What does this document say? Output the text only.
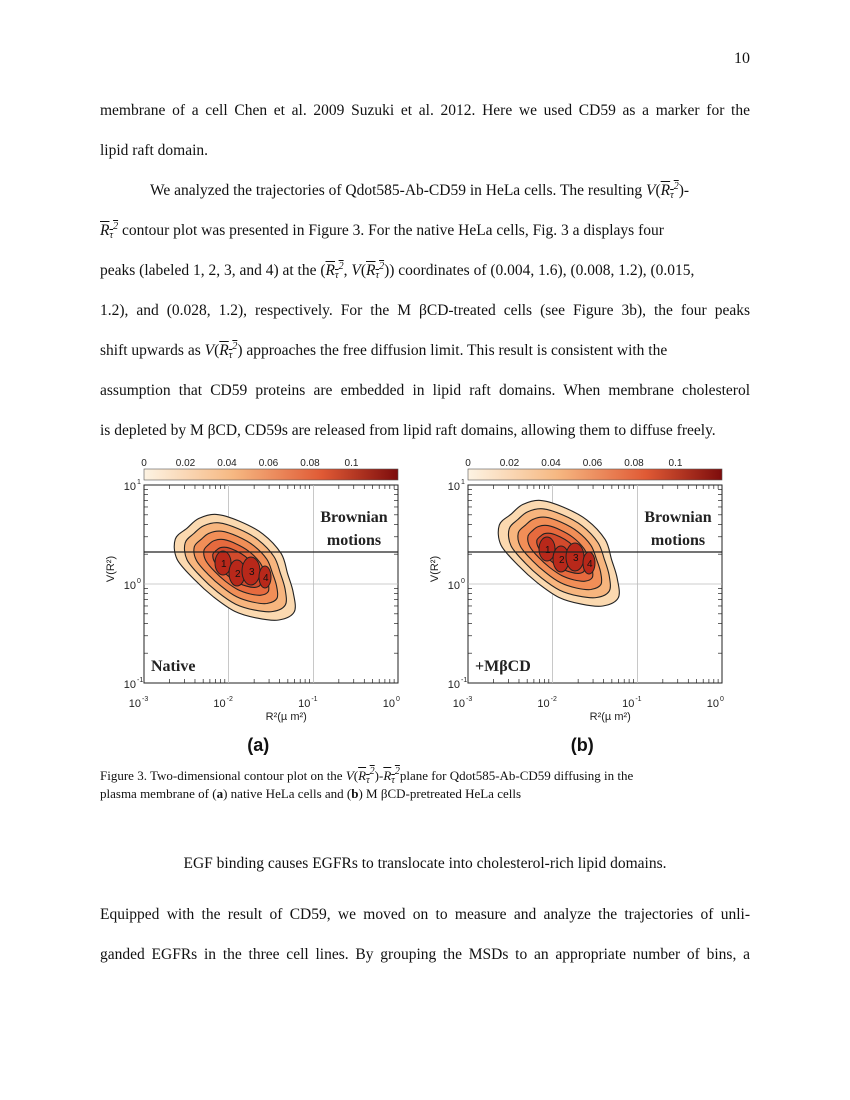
10
membrane of a cell Chen et al. 2009 Suzuki et al. 2012. Here we used CD59 as a marker for the
lipid raft domain.
We analyzed the trajectories of Qdot585-Ab-CD59 in HeLa cells. The resulting $V(R_\tau^2)-$
$R_\tau^2$ contour plot was presented in Figure 3. For the native HeLa cells, Fig. 3 a displays four
peaks (labeled 1, 2, 3, and 4) at the ($R_\tau^2$, $V(R_\tau^2)$) coordinates of (0.004, 1.6), (0.008, 1.2), (0.015,
1.2), and (0.028, 1.2), respectively. For the M βCD-treated cells (see Figure 3b), the four peaks
shift upwards as $V(R_\tau^2)$ approaches the free diffusion limit. This result is consistent with the
assumption that CD59 proteins are embedded in lipid raft domains. When membrane cholesterol
is depleted by M βCD, CD59s are released from lipid raft domains, allowing them to diffuse freely.
0	0.02 0.04 0.06 0.08 0.1
1
2 3
4
Brownian
motions
Native
10 1
10 0
10 -1
10 -3	10 -2	10 -1	10 0
V(R²)
R²(µ m²)
(a)
0	0.02 0.04 0.06 0.08 0.1
1
2 3
4
Brownian
motions
+MβCD
10 1
10 0
10 -1
10 -3	10 -2	10 -1	10 0
V(R²)
R²(µ m²)
(b)
Figure 3. Two-dimensional contour plot on the $V(R_\tau^2)-R_\tau^2plane$ for Qdot585-Ab-CD59 diffusing in the
plasma membrane of (a) native HeLa cells and (b) M βCD-pretreated HeLa cells
EGF binding causes EGFRs to translocate into cholesterol-rich lipid domains.
Equipped with the result of CD59, we moved on to measure and analyze the trajectories of unli-
ganded EGFRs in the three cell lines. By grouping the MSDs to an appropriate number of bins, a
